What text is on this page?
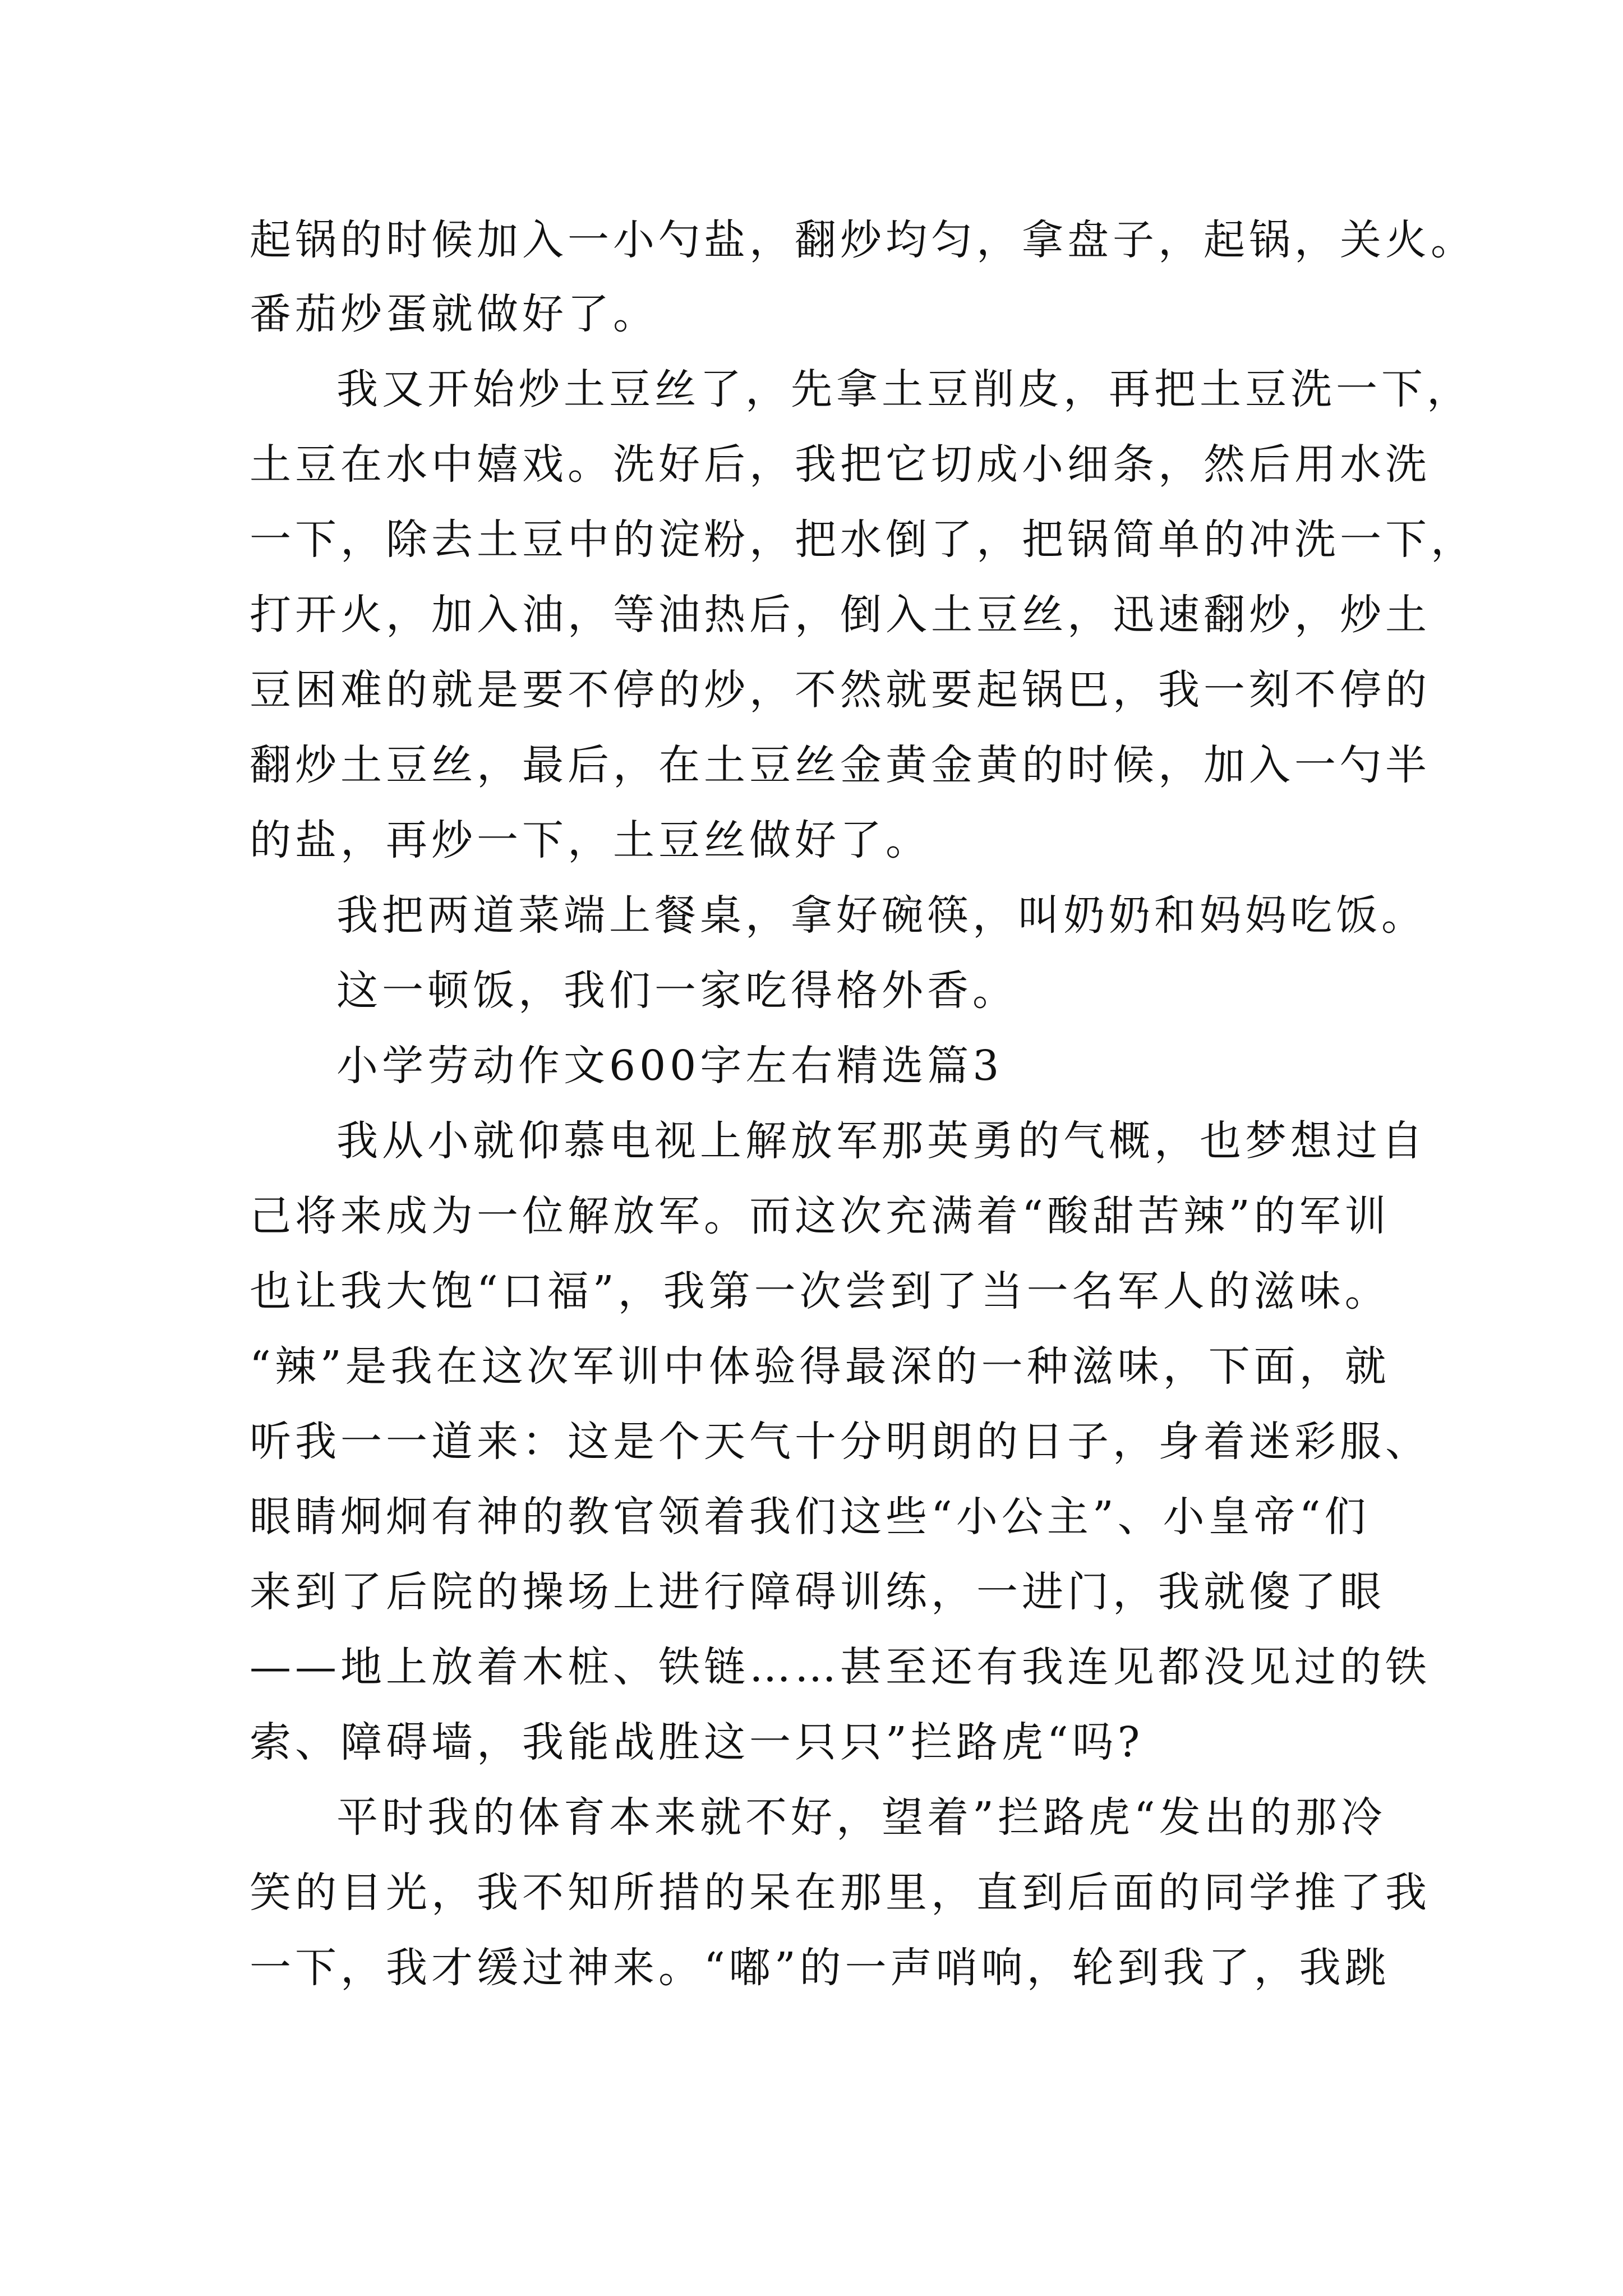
起锅的时候加入一小勺盐，翻炒均匀，拿盘子，起锅，关火。

番茄炒蛋就做好了。

我又开始炒土豆丝了，先拿土豆削皮，再把土豆洗一下，

土豆在水中嬉戏。洗好后，我把它切成小细条，然后用水洗

一下，除去土豆中的淀粉，把水倒了，把锅简单的冲洗一下，

打开火，加入油，等油热后，倒入土豆丝，迅速翻炒，炒土

豆困难的就是要不停的炒，不然就要起锅巴，我一刻不停的

翻炒土豆丝，最后，在土豆丝金黄金黄的时候，加入一勺半

的盐，再炒一下，土豆丝做好了。

我把两道菜端上餐桌，拿好碗筷，叫奶奶和妈妈吃饭。

这一顿饭，我们一家吃得格外香。

小学劳动作文600字左右精选篇3

我从小就仰慕电视上解放军那英勇的气概，也梦想过自

己将来成为一位解放军。而这次充满着“酸甜苦辣”的军训

也让我大饱“口福”，我第一次尝到了当一名军人的滋味。

“辣”是我在这次军训中体验得最深的一种滋味，下面，就

听我一一道来：这是个天气十分明朗的日子，身着迷彩服、

眼睛炯炯有神的教官领着我们这些“小公主”、小皇帝“们

来到了后院的操场上进行障碍训练，一进门，我就傻了眼

——地上放着木桩、铁链……甚至还有我连见都没见过的铁

索、障碍墙，我能战胜这一只只”拦路虎“吗?

平时我的体育本来就不好，望着”拦路虎“发出的那冷

笑的目光，我不知所措的呆在那里，直到后面的同学推了我

一下，我才缓过神来。“嘟”的一声哨响，轮到我了，我跳
